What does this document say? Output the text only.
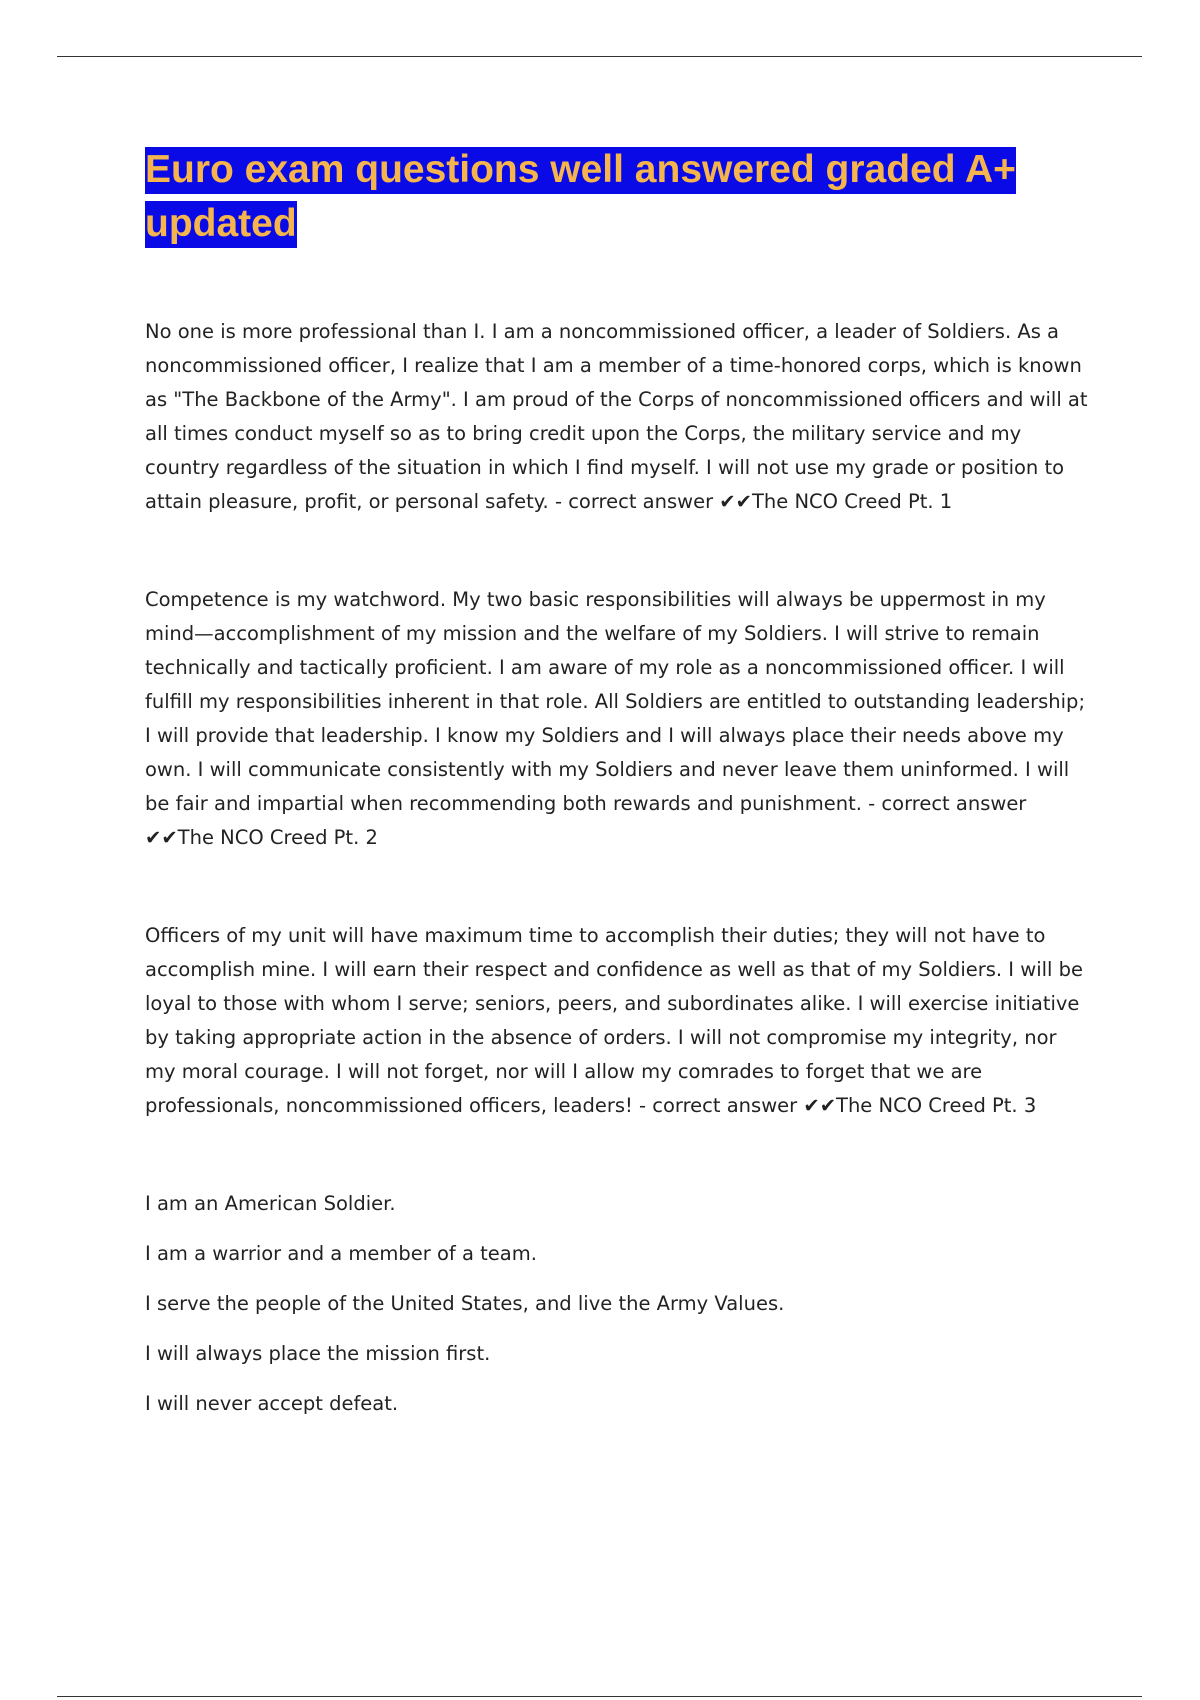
Euro exam questions well answered graded A+ updated

No one is more professional than I. I am a noncommissioned officer, a leader of Soldiers. As a noncommissioned officer, I realize that I am a member of a time-honored corps, which is known as "The Backbone of the Army". I am proud of the Corps of noncommissioned officers and will at all times conduct myself so as to bring credit upon the Corps, the military service and my country regardless of the situation in which I find myself. I will not use my grade or position to attain pleasure, profit, or personal safety. - correct answer ✔✔The NCO Creed Pt. 1

Competence is my watchword. My two basic responsibilities will always be uppermost in my mind—accomplishment of my mission and the welfare of my Soldiers. I will strive to remain technically and tactically proficient. I am aware of my role as a noncommissioned officer. I will fulfill my responsibilities inherent in that role. All Soldiers are entitled to outstanding leadership; I will provide that leadership. I know my Soldiers and I will always place their needs above my own. I will communicate consistently with my Soldiers and never leave them uninformed. I will be fair and impartial when recommending both rewards and punishment. - correct answer ✔✔The NCO Creed Pt. 2

Officers of my unit will have maximum time to accomplish their duties; they will not have to accomplish mine. I will earn their respect and confidence as well as that of my Soldiers. I will be loyal to those with whom I serve; seniors, peers, and subordinates alike. I will exercise initiative by taking appropriate action in the absence of orders. I will not compromise my integrity, nor my moral courage. I will not forget, nor will I allow my comrades to forget that we are professionals, noncommissioned officers, leaders! - correct answer ✔✔The NCO Creed Pt. 3

I am an American Soldier.

I am a warrior and a member of a team.

I serve the people of the United States, and live the Army Values.

I will always place the mission first.

I will never accept defeat.
